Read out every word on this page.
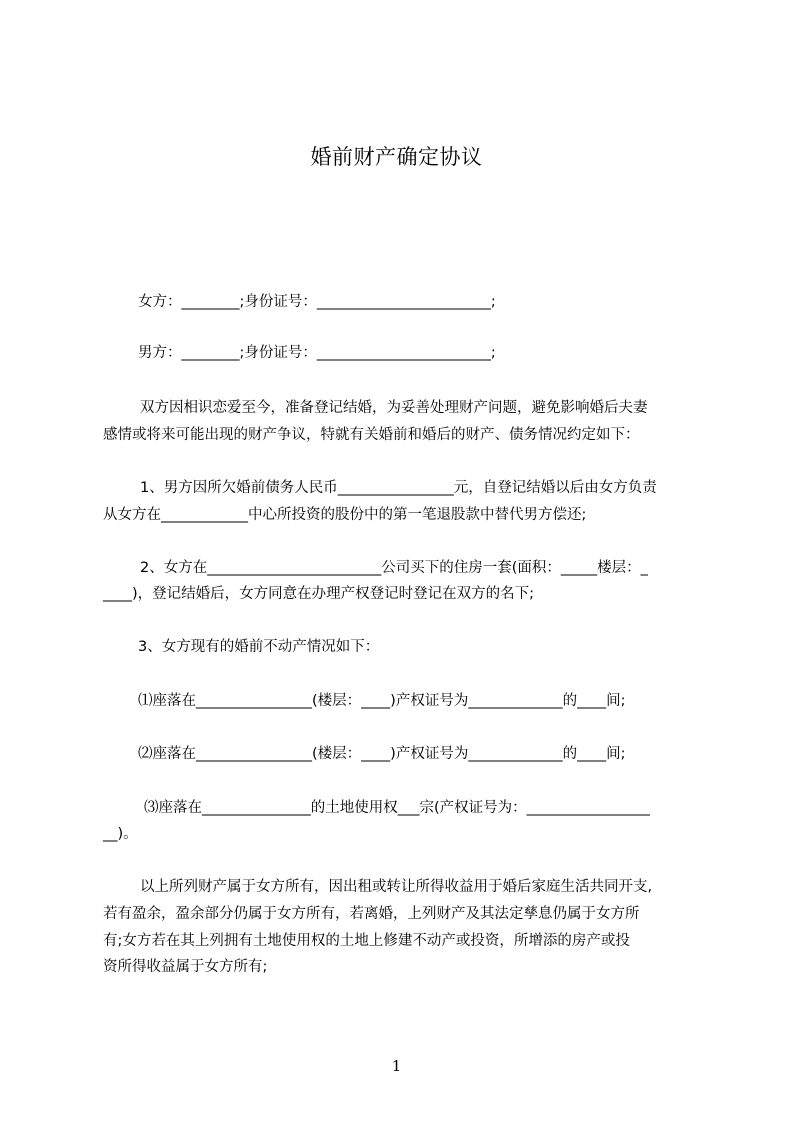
婚前财产确定协议
女方：________;身份证号：________________________;
男方：________;身份证号：________________________;
双方因相识恋爱至今，准备登记结婚，为妥善处理财产问题，避免影响婚后夫妻
感情或将来可能出现的财产争议，特就有关婚前和婚后的财产、债务情况约定如下：
1、男方因所欠婚前债务人民币________________元，自登记结婚以后由女方负责
从女方在____________中心所投资的股份中的第一笔退股款中替代男方偿还;
2、女方在________________________公司买下的住房一套(面积：_____楼层：_
____)，登记结婚后，女方同意在办理产权登记时登记在双方的名下;
3、女方现有的婚前不动产情况如下：
⑴座落在________________(楼层：____)产权证号为_____________的____间;
⑵座落在________________(楼层：____)产权证号为_____________的____间;
⑶座落在_______________的土地使用权___宗(产权证号为：_________________
__)。
以上所列财产属于女方所有，因出租或转让所得收益用于婚后家庭生活共同开支,
若有盈余，盈余部分仍属于女方所有，若离婚，上列财产及其法定孳息仍属于女方所
有;女方若在其上列拥有土地使用权的土地上修建不动产或投资，所增添的房产或投
资所得收益属于女方所有;
1
